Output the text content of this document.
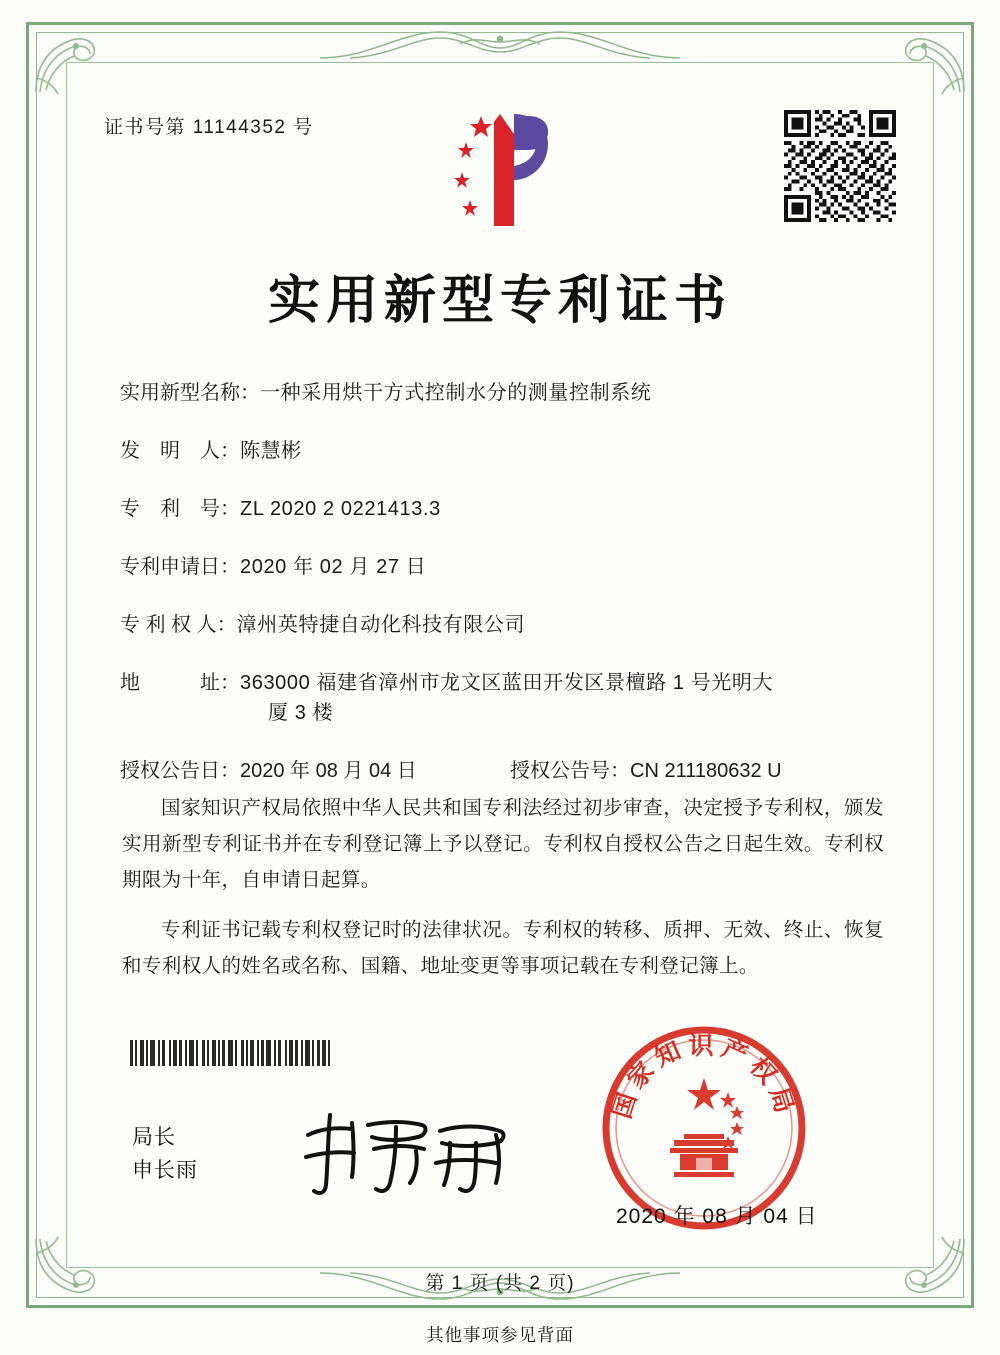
证书号第 11144352 号
实用新型专利证书
实用新型名称： 一种采用烘干方式控制水分的测量控制系统
发　明　人： 陈慧彬
专　利　号： ZL 2020 2 0221413.3
专利申请日： 2020 年 02 月 27 日
专 利 权 人： 漳州英特捷自动化科技有限公司
地　　　址： 363000 福建省漳州市龙文区蓝田开发区景檀路 1 号光明大
厦 3 楼
授权公告日： 2020 年 08 月 04 日	授权公告号： CN 211180632 U

国家知识产权局依照中华人民共和国专利法经过初步审查，决定授予专利权，颁发实用新型专利证书并在专利登记簿上予以登记。专利权自授权公告之日起生效。专利权期限为十年，自申请日起算。

专利证书记载专利权登记时的法律状况。专利权的转移、质押、无效、终止、恢复和专利权人的姓名或名称、国籍、地址变更等事项记载在专利登记簿上。

局长
申长雨
国家知识产权局
2020 年 08 月 04 日
第 1 页 (共 2 页)
其他事项参见背面
